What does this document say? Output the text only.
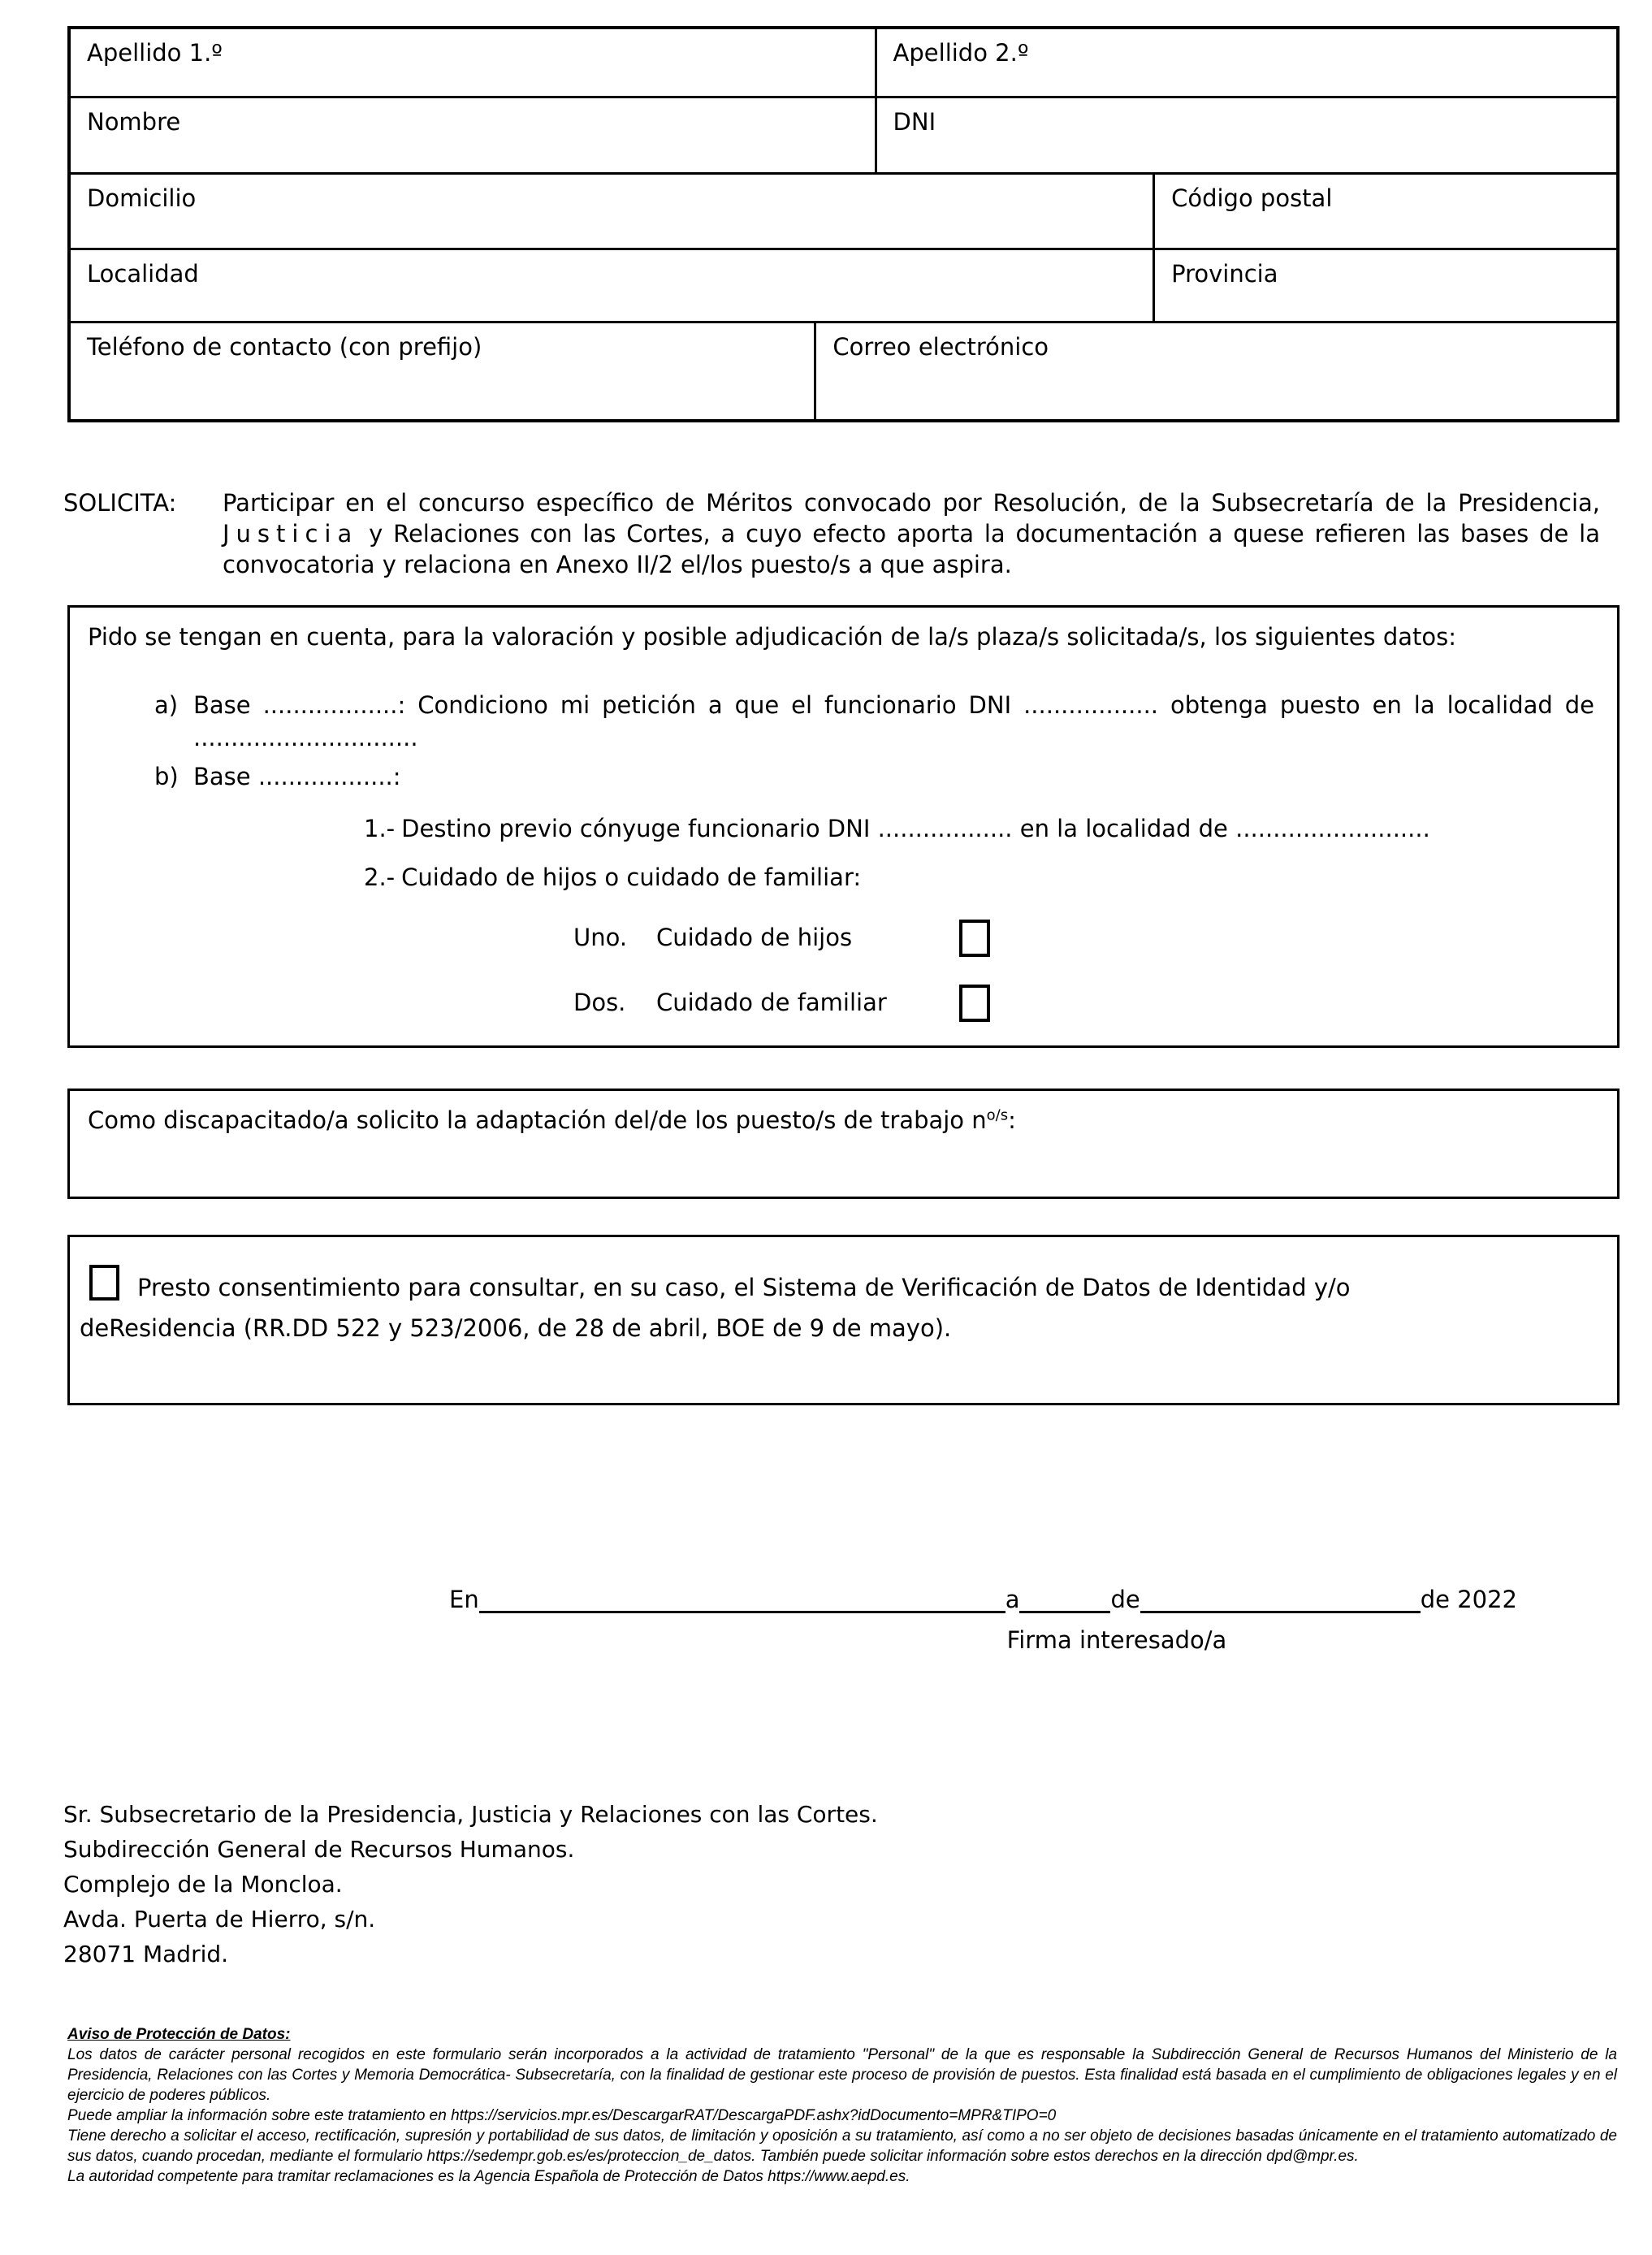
Apellido 1.º	Apellido 2.º
Nombre	DNI
Domicilio	Código postal
Localidad	Provincia
Teléfono de contacto (con prefijo)	Correo electrónico
SOLICITA:	Participar en el concurso específico de Méritos convocado por Resolución, de la Subsecretaría de la Presidencia, Justicia y Relaciones con las Cortes, a cuyo efecto aporta la documentación a quese refieren las bases de la convocatoria y relaciona en Anexo II/2 el/los puesto/s a que aspira.
Pido se tengan en cuenta, para la valoración y posible adjudicación de la/s plaza/s solicitada/s, los siguientes datos:
a) Base ..................: Condiciono mi petición a que el funcionario DNI .................. obtenga puesto en la localidad de ..............................
b) Base ..................:
1.- Destino previo cónyuge funcionario DNI .................. en la localidad de ..........................
2.- Cuidado de hijos o cuidado de familiar:
Uno.	Cuidado de hijos
Dos.	Cuidado de familiar
Como discapacitado/a solicito la adaptación del/de los puesto/s de trabajo $n^{o/s}$:
Presto consentimiento para consultar, en su caso, el Sistema de Verificación de Datos de Identidad y/o
deResidencia (RR.DD 522 y 523/2006, de 28 de abril, BOE de 9 de mayo).
En	a	de	de 2022
Firma interesado/a
Sr. Subsecretario de la Presidencia, Justicia y Relaciones con las Cortes.
Subdirección General de Recursos Humanos.
Complejo de la Moncloa.
Avda. Puerta de Hierro, s/n.
28071 Madrid.

Aviso de Protección de Datos:

Los datos de carácter personal recogidos en este formulario serán incorporados a la actividad de tratamiento "Personal" de la que es responsable la Subdirección General de Recursos Humanos del Ministerio de la Presidencia, Relaciones con las Cortes y Memoria Democrática- Subsecretaría, con la finalidad de gestionar este proceso de provisión de puestos. Esta finalidad está basada en el cumplimiento de obligaciones legales y en el ejercicio de poderes públicos.

Puede ampliar la información sobre este tratamiento en https://servicios.mpr.es/DescargarRAT/DescargaPDF.ashx?idDocumento=MPR&TIPO=0

Tiene derecho a solicitar el acceso, rectificación, supresión y portabilidad de sus datos, de limitación y oposición a su tratamiento, así como a no ser objeto de decisiones basadas únicamente en el tratamiento automatizado de sus datos, cuando procedan, mediante el formulario https://sedempr.gob.es/es/proteccion_de_datos. También puede solicitar información sobre estos derechos en la dirección dpd@mpr.es.

La autoridad competente para tramitar reclamaciones es la Agencia Española de Protección de Datos https://www.aepd.es.
